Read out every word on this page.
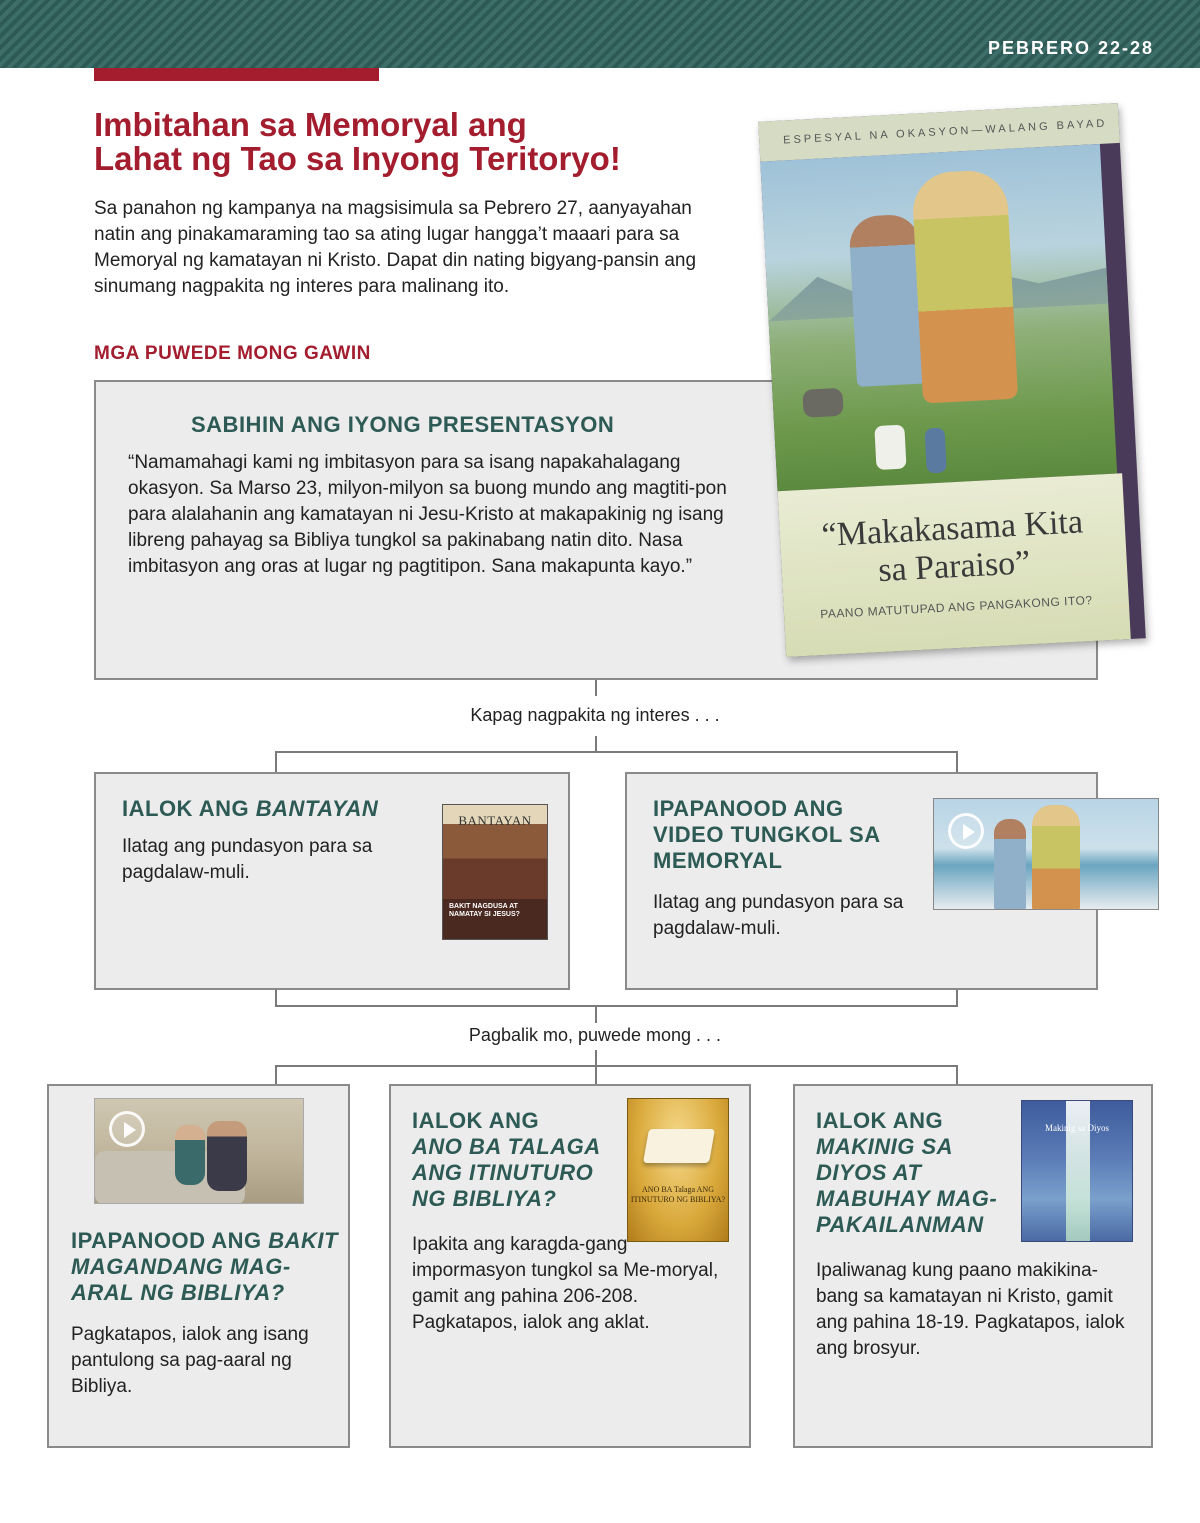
PEBRERO 22-28
Imbitahan sa Memoryal ang
Lahat ng Tao sa Inyong Teritoryo!

Sa panahon ng kampanya na magsisimula sa Pebrero 27, aanyayahan natin ang pinakamaraming tao sa ating lugar hangga’t maaari para sa Memoryal ng kamatayan ni Kristo. Dapat din nating bigyang-pansin ang sinumang nagpakita ng interes para malinang ito.

MGA PUWEDE MONG GAWIN
SABIHIN ANG IYONG PRESENTASYON

“Namamahagi kami ng imbitasyon para sa isang napakahalagang okasyon. Sa Marso 23, milyon-milyon sa buong mundo ang magtiti-pon para alalahanin ang kamatayan ni Jesu-Kristo at makapakinig ng isang libreng pahayag sa Bibliya tungkol sa pakinabang natin dito. Nasa imbitasyon ang oras at lugar ng pagtitipon. Sana makapunta kayo.”

ESPESYAL NA OKASYON—WALANG BAYAD
“Makakasama Kita
sa Paraiso”
PAANO MATUTUPAD ANG PANGAKONG ITO?
Kapag nagpakita ng interes . . .
IALOK ANG BANTAYAN

Ilatag ang pundasyon para sa pagdalaw-muli.

BANTAYAN
BAKIT NAGDUSA AT NAMATAY SI JESUS?
IPAPANOOD ANG VIDEO TUNGKOL SA MEMORYAL

Ilatag ang pundasyon para sa pagdalaw-muli.

Pagbalik mo, puwede mong . . .
IPAPANOOD ANG BAKIT MAGANDANG MAG-ARAL NG BIBLIYA?

Pagkatapos, ialok ang isang pantulong sa pag-aaral ng Bibliya.

IALOK ANG
ANO BA TALAGA ANG ITINUTURO NG BIBLIYA?

Ipakita ang karagda-gang impormasyon tungkol sa Me-moryal, gamit ang pahina 206-208. Pagkatapos, ialok ang aklat.

ANO BA Talaga ANG ITINUTURO NG BIBLIYA?
IALOK ANG
MAKINIG SA DIYOS AT MABUHAY MAG-PAKAILANMAN

Ipaliwanag kung paano makikina-bang sa kamatayan ni Kristo, gamit ang pahina 18-19. Pagkatapos, ialok ang brosyur.

Makinig sa Diyos
